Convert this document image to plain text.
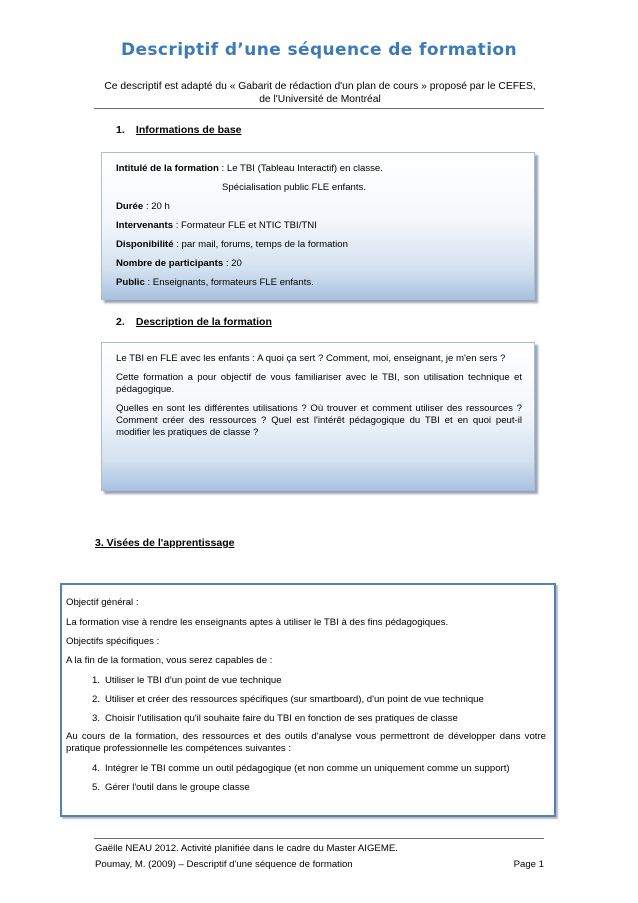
Descriptif d’une séquence de formation
Ce descriptif est adapté du « Gabarit de rédaction d'un plan de cours » proposé par le CEFES,
de l'Université de Montréal
1. Informations de base
Intitulé de la formation : Le TBI (Tableau Interactif) en classe.
Spécialisation public FLE enfants.
Durée : 20 h
Intervenants : Formateur FLE et NTIC TBI/TNI
Disponibilité : par mail, forums, temps de la formation
Nombre de participants : 20
Public : Enseignants, formateurs FLE enfants.
2. Description de la formation
Le TBI en FLE avec les enfants : A quoi ça sert ? Comment, moi, enseignant, je m'en sers ?
Cette formation a pour objectif de vous familiariser avec le TBI, son utilisation technique et pédagogique.
Quelles en sont les différentes utilisations ? Où trouver et comment utiliser des ressources ? Comment créer des ressources ? Quel est l'intérêt pédagogique du TBI et en quoi peut-il modifier les pratiques de classe ?
3. Visées de l'apprentissage
Objectif général :
La formation vise à rendre les enseignants aptes à utiliser le TBI à des fins pédagogiques.
Objectifs spécifiques :
A la fin de la formation, vous serez capables de :
1. Utiliser le TBI d'un point de vue technique
2. Utiliser et créer des ressources spécifiques (sur smartboard), d'un point de vue technique
3. Choisir l'utilisation qu'il souhaite faire du TBI en fonction de ses pratiques de classe
Au cours de la formation, des ressources et des outils d'analyse vous permettront de développer dans votre pratique professionnelle les compétences suivantes :
4. Intégrer le TBI comme un outil pédagogique (et non comme un uniquement comme un support)
5. Gérer l'outil dans le groupe classe
Gaëlle NEAU 2012. Activité planifiée dans le cadre du Master AIGEME.
Poumay, M. (2009) – Descriptif d'une séquence de formation	Page 1
